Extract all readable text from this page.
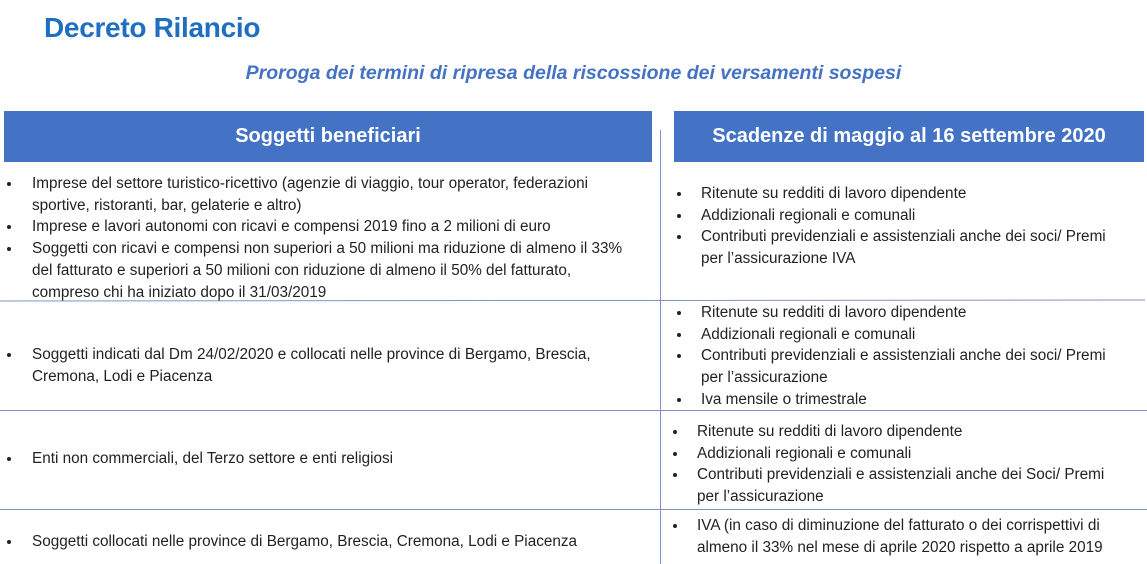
Decreto Rilancio
Proroga dei termini di ripresa della riscossione dei versamenti sospesi
Soggetti beneficiari	Scadenze di maggio al 16 settembre 2020
Imprese del settore turistico-ricettivo (agenzie di viaggio, tour operator, federazioni sportive, ristoranti, bar, gelaterie e altro)
Imprese e lavori autonomi con ricavi e compensi 2019 fino a 2 milioni di euro
Soggetti con ricavi e compensi non superiori a 50 milioni ma riduzione di almeno il 33% del fatturato e superiori a 50 milioni con riduzione di almeno il 50% del fatturato, compreso chi ha iniziato dopo il 31/03/2019
Ritenute su redditi di lavoro dipendente
Addizionali regionali e comunali
Contributi previdenziali e assistenziali anche dei soci/ Premi per l’assicurazione IVA
Soggetti indicati dal Dm 24/02/2020 e collocati nelle province di Bergamo, Brescia, Cremona, Lodi e Piacenza
Ritenute su redditi di lavoro dipendente
Addizionali regionali e comunali
Contributi previdenziali e assistenziali anche dei soci/ Premi per l’assicurazione
Iva mensile o trimestrale
Enti non commerciali, del Terzo settore e enti religiosi
Ritenute su redditi di lavoro dipendente
Addizionali regionali e comunali
Contributi previdenziali e assistenziali anche dei Soci/ Premi per l’assicurazione
Soggetti collocati nelle province di Bergamo, Brescia, Cremona, Lodi e Piacenza
IVA (in caso di diminuzione del fatturato o dei corrispettivi di almeno il 33% nel mese di aprile 2020 rispetto a aprile 2019
